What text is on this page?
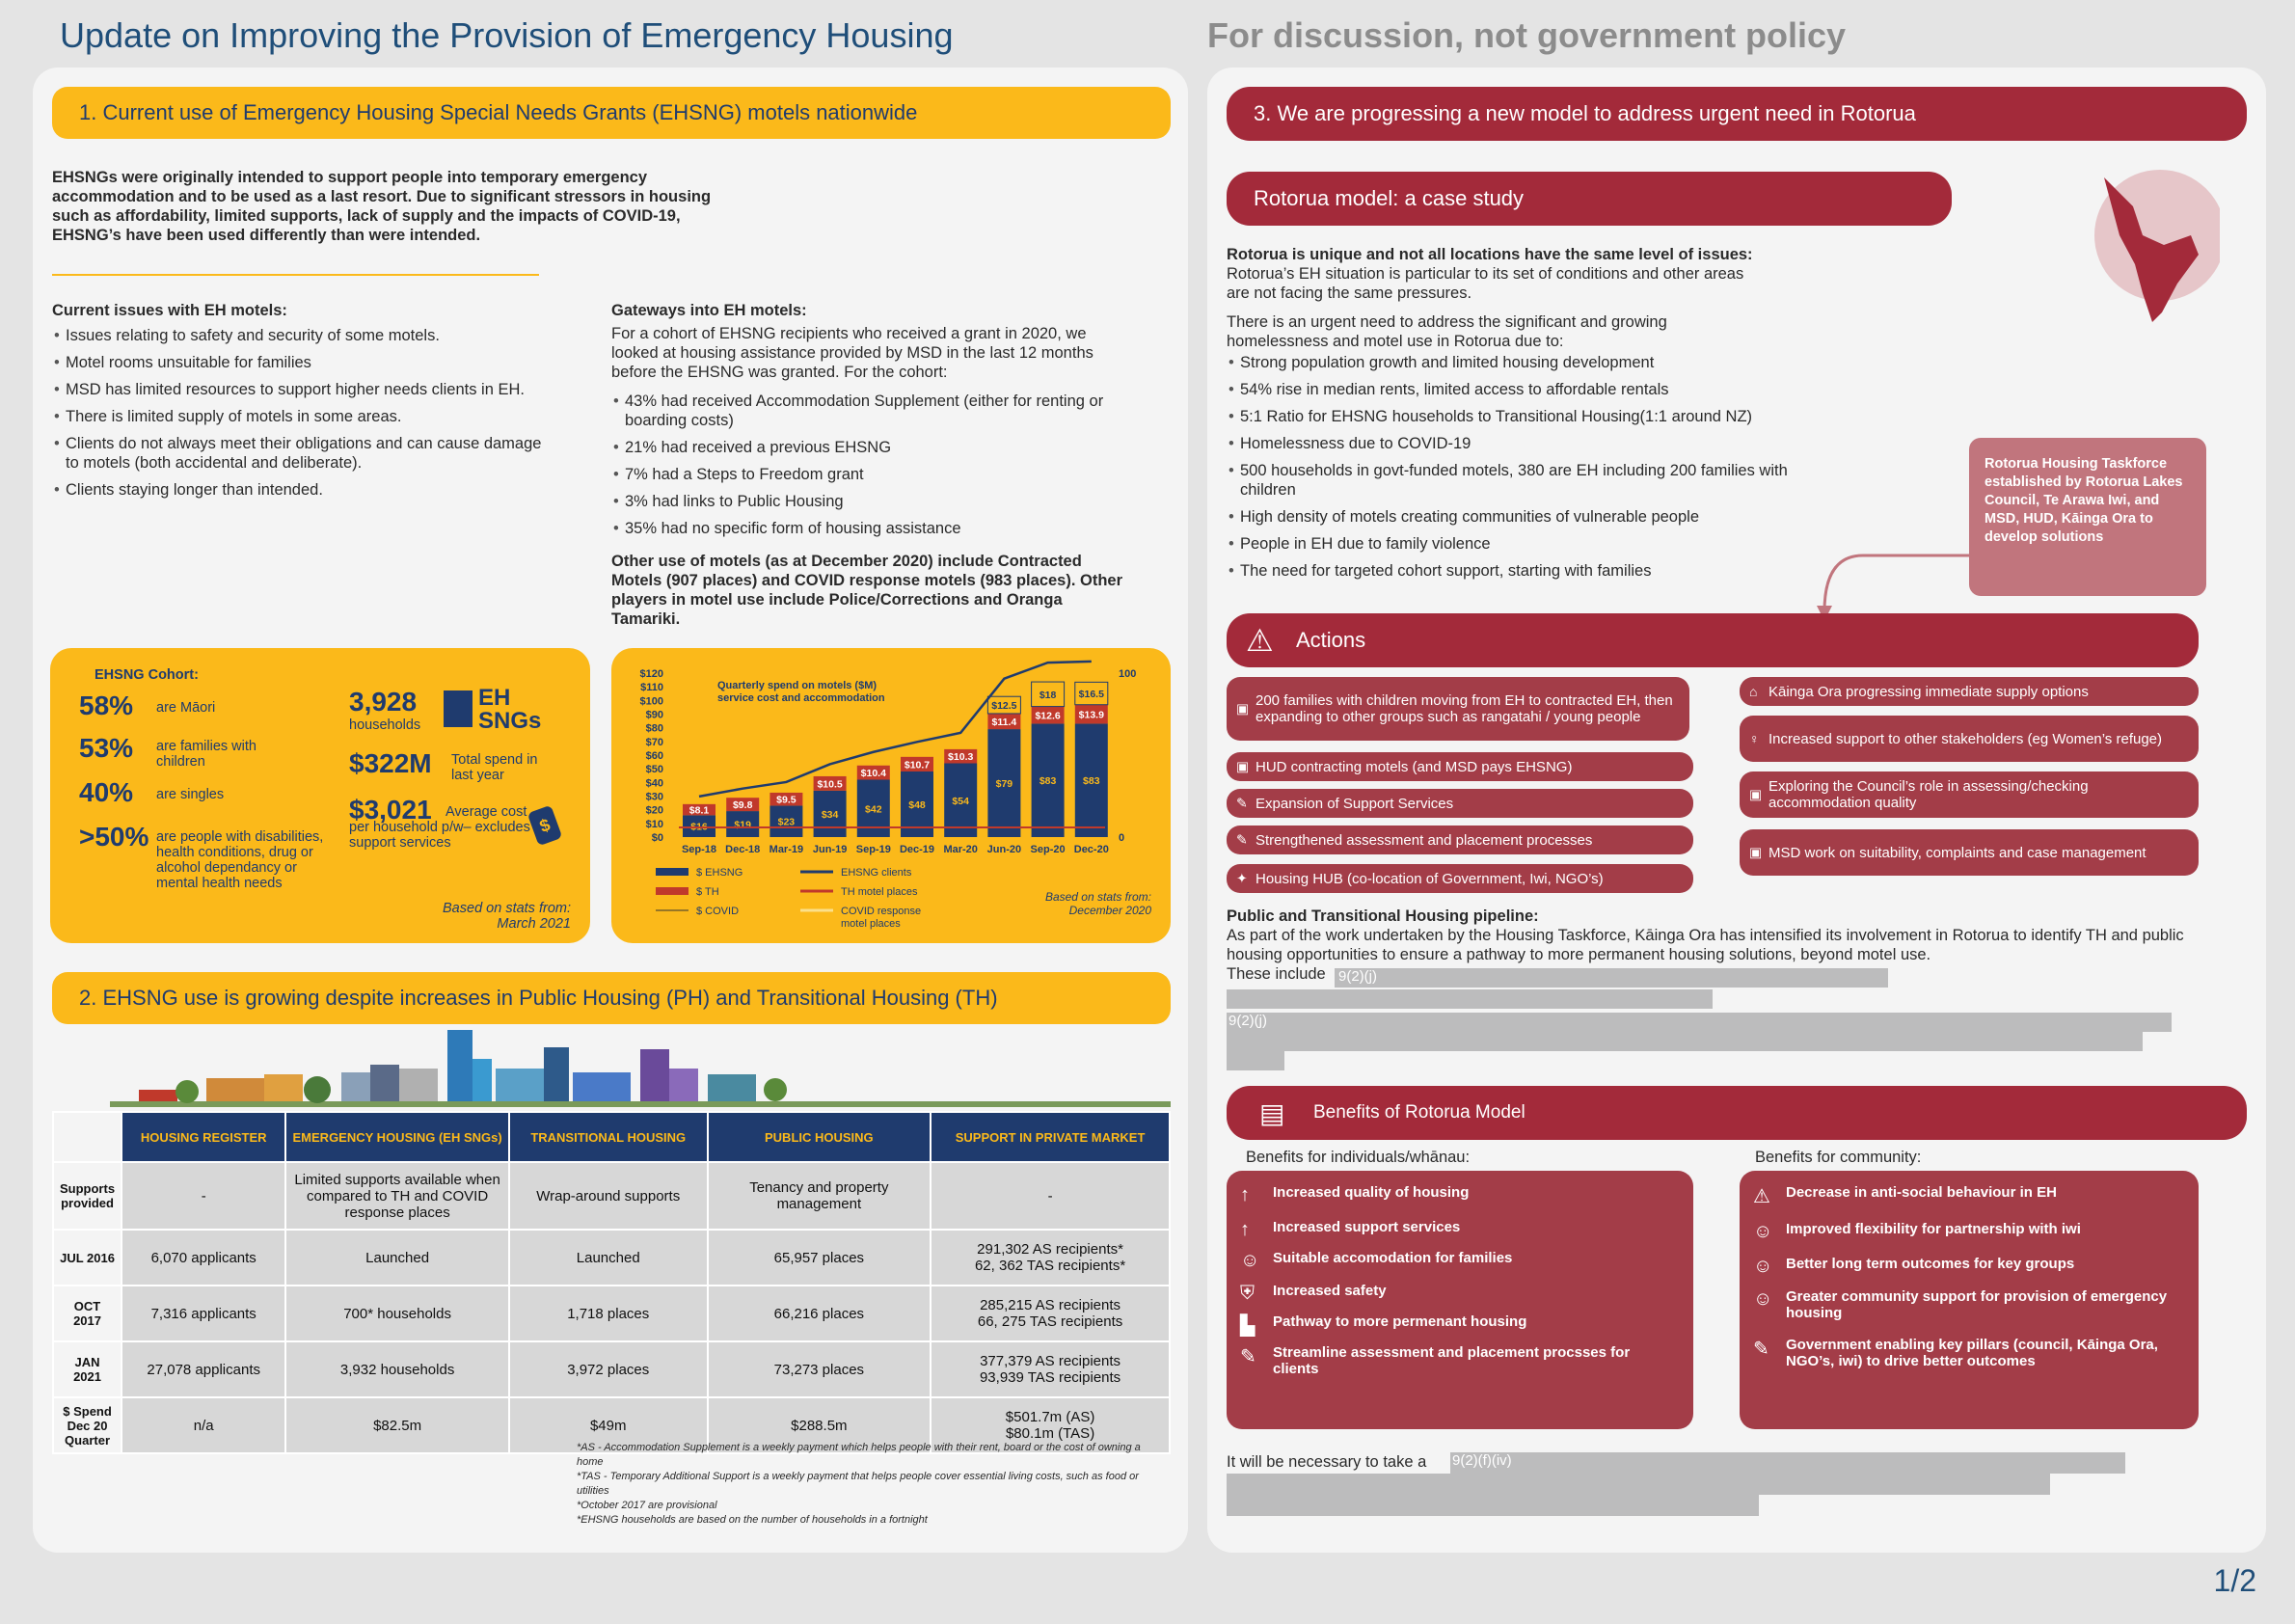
Update on Improving the Provision of Emergency Housing	For discussion, not government policy
1/2
1. Current use of Emergency Housing Special Needs Grants (EHSNG) motels nationwide
EHSNGs were originally intended to support people into temporary emergency accommodation and to be used as a last resort. Due to significant stressors in housing such as affordability, limited supports, lack of supply and the impacts of COVID-19, EHSNG’s have been used differently than were intended.
Current issues with EH motels:
• Issues relating to safety and security of some motels.
• Motel rooms unsuitable for families
• MSD has limited resources to support higher needs clients in EH.
• There is limited supply of motels in some areas.
• Clients do not always meet their obligations and can cause damage to motels (both accidental and deliberate).
• Clients staying longer than intended.
Gateways into EH motels:
For a cohort of EHSNG recipients who received a grant in 2020, we looked at housing assistance provided by MSD in the last 12 months before the EHSNG was granted. For the cohort:
• 43% had received Accommodation Supplement (either for renting or boarding costs)
• 21% had received a previous EHSNG
• 7% had a Steps to Freedom grant
• 3% had links to Public Housing
• 35% had no specific form of housing assistance
Other use of motels (as at December 2020) include Contracted Motels (907 places) and COVID response motels (983 places). Other players in motel use include Police/Corrections and Oranga Tamariki.
EHSNG Cohort:
58% are Māori
53% are families with children
40% are singles
>50% are people with disabilities, health conditions, drug or alcohol dependancy or mental health needs
3,928
households
EH
SNGs
$322M Total spend in last year
$3,021 Average cost per household p/w– excludes support services
$
Based on stats from: March 2021
$120
$110
$100
$90
$80
$70
$60
$50
$40
$30
$20
$10
$0
100
0
Quarterly spend on motels ($M) service cost and accommodation
$16
$8.1
Sep-18
$19
$9.8
Dec-18
$23
$9.5
Mar-19
$34
$10.5
Jun-19
$42
$10.4
Sep-19
$48
$10.7
Dec-19
$54
$10.3
Mar-20
$79
$11.4
$12.5
Jun-20
$83
$12.6
$18
Sep-20
$83
$13.9
$16.5
Dec-20
$ EHSNG
$ TH
$ COVID
EHSNG clients
TH motel places
COVID response motel places
Based on stats from: December 2020
2. EHSNG use is growing despite increases in Public Housing (PH) and Transitional Housing (TH)
	HOUSING REGISTER	EMERGENCY HOUSING (EH SNGs)	TRANSITIONAL HOUSING	PUBLIC HOUSING	SUPPORT IN PRIVATE MARKET
Supports provided	-	Limited supports available when compared to TH and COVID response places	Wrap-around supports	Tenancy and property management	-
JUL 2016	6,070 applicants	Launched	Launched	65,957 places	291,302 AS recipients*
62, 362 TAS recipients*
OCT 2017	7,316 applicants	700* households	1,718 places	66,216 places	285,215 AS recipients
66, 275 TAS recipients
JAN 2021	27,078 applicants	3,932 households	3,972 places	73,273 places	377,379 AS recipients
93,939 TAS recipients
$ Spend Dec 20 Quarter	n/a	$82.5m	$49m	$288.5m	$501.7m (AS)
$80.1m (TAS)
*AS - Accommodation Supplement is a weekly payment which helps people with their rent, board or the cost of owning a home
*TAS - Temporary Additional Support is a weekly payment that helps people cover essential living costs, such as food or utilities
*October 2017 are provisional
*EHSNG households are based on the number of households in a fortnight
3. We are progressing a new model to address urgent need in Rotorua
Rotorua model: a case study
Rotorua is unique and not all locations have the same level of issues:
Rotorua’s EH situation is particular to its set of conditions and other areas are not facing the same pressures.
There is an urgent need to address the significant and growing homelessness and motel use in Rotorua due to:
• Strong population growth and limited housing development
• 54% rise in median rents, limited access to affordable rentals
• 5:1 Ratio for EHSNG households to Transitional Housing(1:1 around NZ)
• Homelessness due to COVID-19
• 500 households in govt-funded motels, 380 are EH including 200 families with children
• High density of motels creating communities of vulnerable people
• People in EH due to family violence
• The need for targeted cohort support, starting with families
Rotorua Housing Taskforce established by Rotorua Lakes Council, Te Arawa Iwi, and MSD, HUD, Kāinga Ora to develop solutions
⚠ Actions
▣ 200 families with children moving from EH to contracted EH, then expanding to other groups such as rangatahi / young people
▣ HUD contracting motels (and MSD pays EHSNG)
✎ Expansion of Support Services
✎ Strengthened assessment and placement processes
✦ Housing HUB (co-location of Government, Iwi, NGO’s)
⌂ Kāinga Ora progressing immediate supply options
♀ Increased support to other stakeholders (eg Women’s refuge)
▣ Exploring the Council’s role in assessing/checking accommodation quality
▣ MSD work on suitability, complaints and case management
Public and Transitional Housing pipeline:
As part of the work undertaken by the Housing Taskforce, Kāinga Ora has intensified its involvement in Rotorua to identify TH and public housing opportunities to ensure a pathway to more permanent housing solutions, beyond motel use.
These include 9(2)(j)
9(2)(j)
▤ Benefits of Rotorua Model
Benefits for individuals/whānau:	Benefits for community:
↑ Increased quality of housing
↑ Increased support services
☺ Suitable accomodation for families
⛨ Increased safety
▙ Pathway to more permenant housing
✎ Streamline assessment and placement procsses for clients
⚠ Decrease in anti-social behaviour in EH
☺ Improved flexibility for partnership with iwi
☺ Better long term outcomes for key groups
☺ Greater community support for provision of emergency housing
✎ Government enabling key pillars (council, Kāinga Ora, NGO’s, iwi) to drive better outcomes
It will be necessary to take a 9(2)(f)(iv)
